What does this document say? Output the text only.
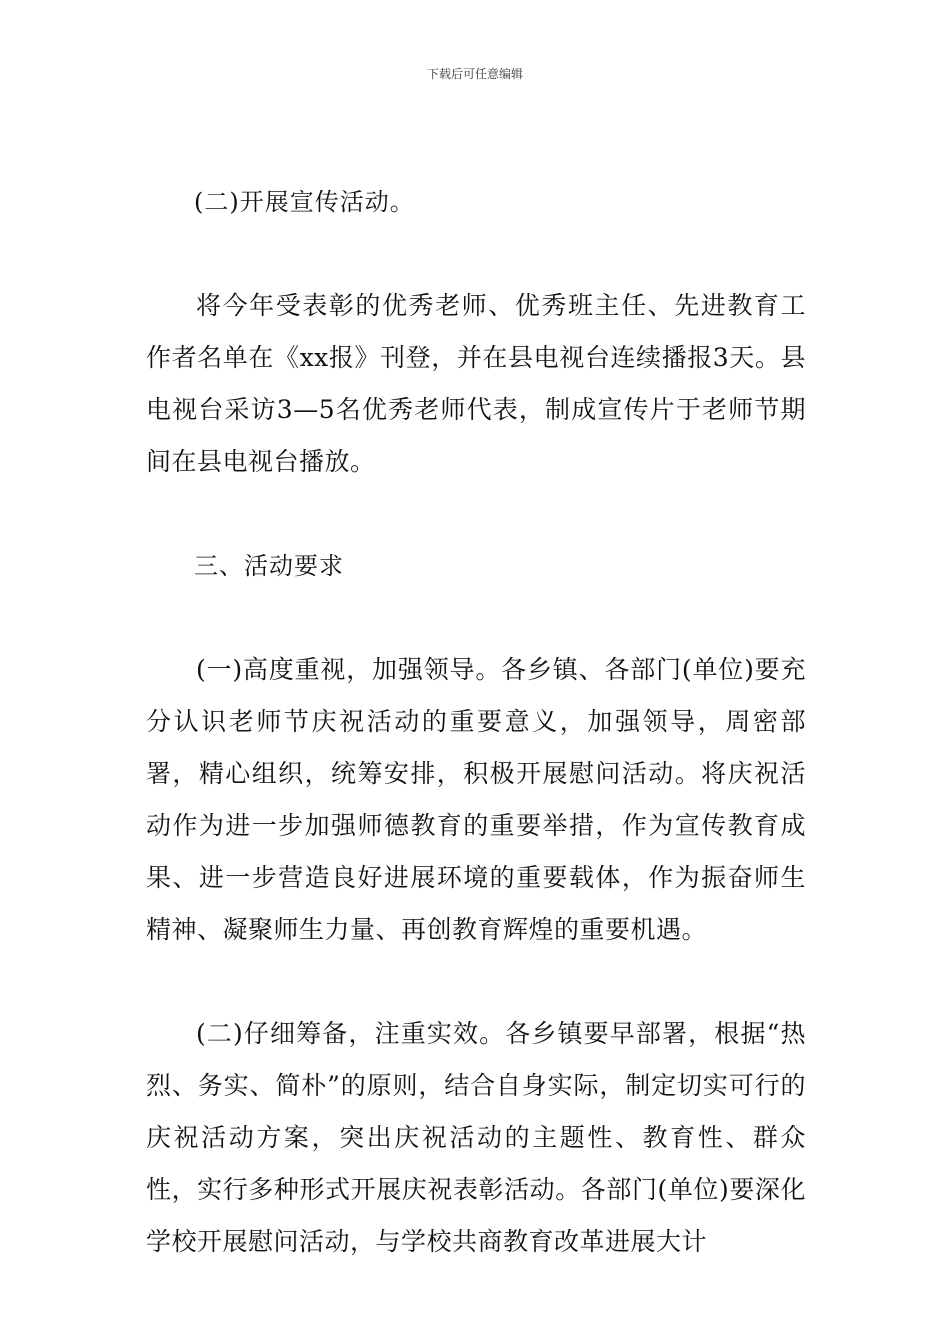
下载后可任意编辑

(二)开展宣传活动。

将今年受表彰的优秀老师、优秀班主任、先进教育工作者名单在《xx报》刊登，并在县电视台连续播报3天。县电视台采访3—5名优秀老师代表，制成宣传片于老师节期间在县电视台播放。

三、活动要求

(一)高度重视，加强领导。各乡镇、各部门(单位)要充分认识老师节庆祝活动的重要意义，加强领导，周密部署，精心组织，统筹安排，积极开展慰问活动。将庆祝活动作为进一步加强师德教育的重要举措，作为宣传教育成果、进一步营造良好进展环境的重要载体，作为振奋师生精神、凝聚师生力量、再创教育辉煌的重要机遇。

(二)仔细筹备，注重实效。各乡镇要早部署，根据“热烈、务实、简朴”的原则，结合自身实际，制定切实可行的庆祝活动方案，突出庆祝活动的主题性、教育性、群众性，实行多种形式开展庆祝表彰活动。各部门(单位)要深化学校开展慰问活动，与学校共商教育改革进展大计
